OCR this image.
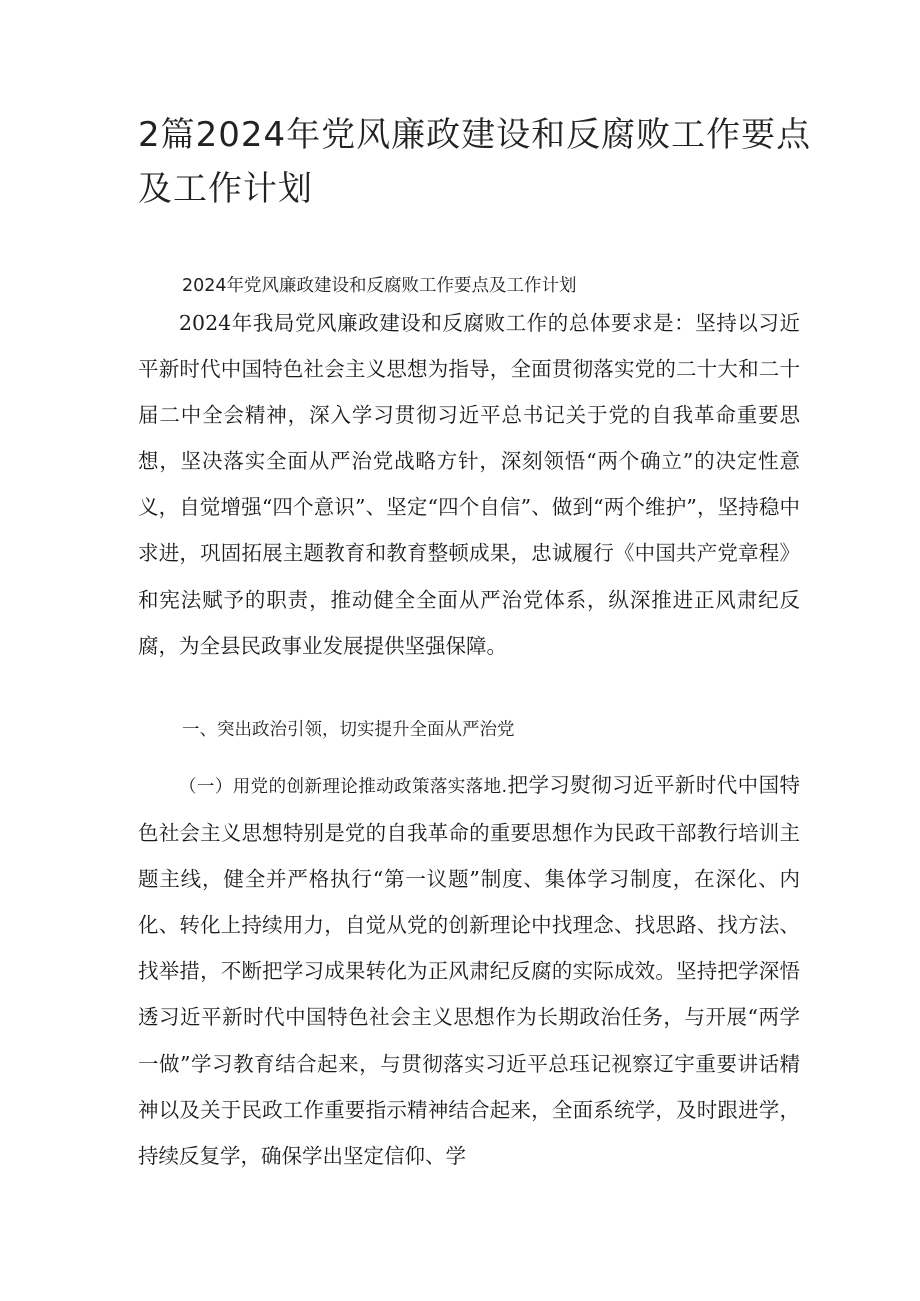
2篇2024年党风廉政建设和反腐败工作要点及工作计划

2024年党风廉政建设和反腐败工作要点及工作计划

2024年我局党风廉政建设和反腐败工作的总体要求是：坚持以习近平新时代中国特色社会主义思想为指导，全面贯彻落实党的二十大和二十届二中全会精神，深入学习贯彻习近平总书记关于党的自我革命重要思想，坚决落实全面从严治党战略方针，深刻领悟“两个确立”的决定性意义，自觉增强“四个意识”、坚定“四个自信”、做到“两个维护”，坚持稳中求进，巩固拓展主题教育和教育整顿成果，忠诚履行《中国共产党章程》和宪法赋予的职责，推动健全全面从严治党体系，纵深推进正风肃纪反腐，为全县民政事业发展提供坚强保障。

一、突出政治引领，切实提升全面从严治党

（一）用党的创新理论推动政策落实落地.把学习熨彻习近平新时代中国特色社会主义思想特别是党的自我革命的重要思想作为民政干部教行培训主题主线，健全并严格执行“第一议题”制度、集体学习制度，在深化、内化、转化上持续用力，自觉从党的创新理论中找理念、找思路、找方法、找举措，不断把学习成果转化为正风肃纪反腐的实际成效。坚持把学深悟透习近平新时代中国特色社会主义思想作为长期政治任务，与开展“两学一做”学习教育结合起来，与贯彻落实习近平总珏记视察辽宇重要讲话精神以及关于民政工作重要指示精神结合起来，全面系统学，及时跟进学，持续反复学，确保学出坚定信仰、学
